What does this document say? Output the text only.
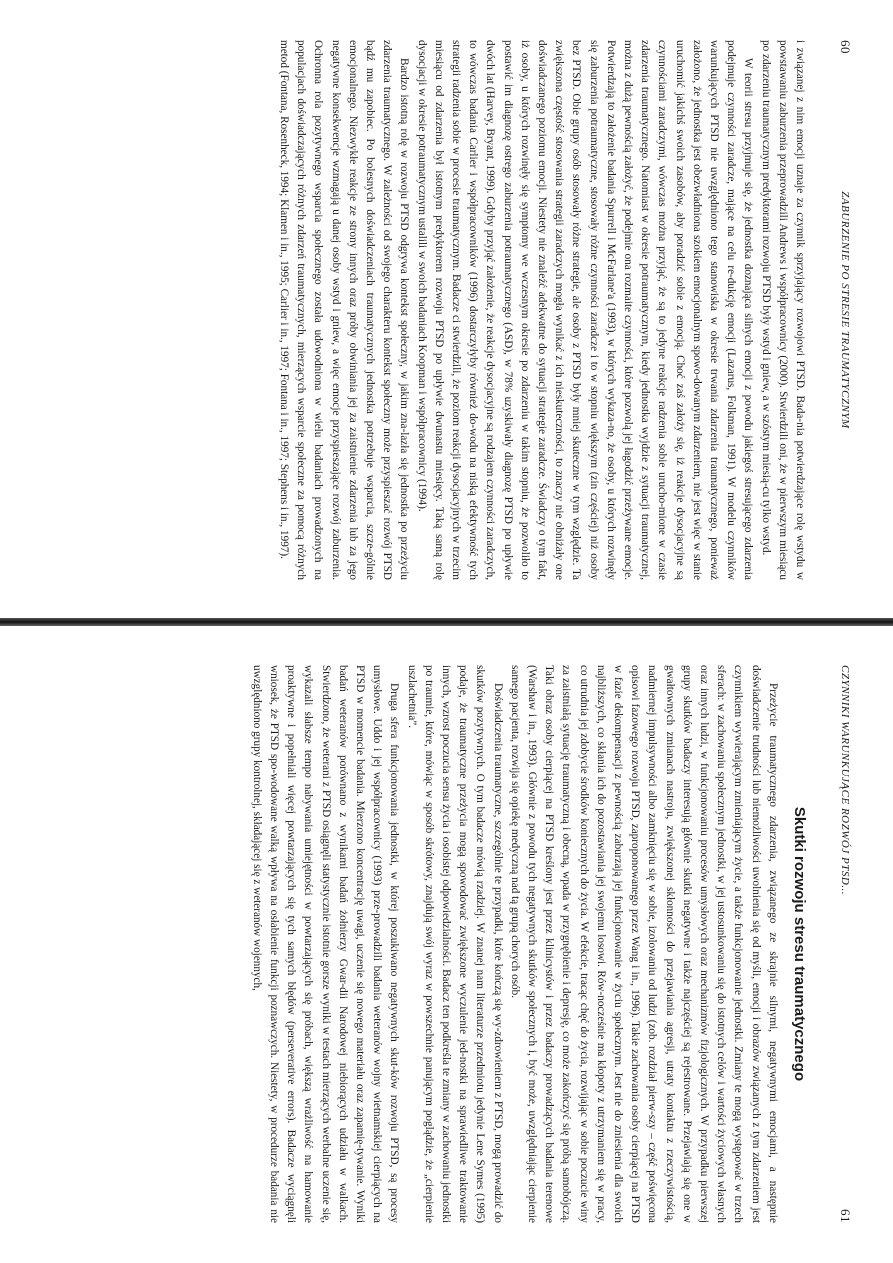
60
ZABURZENIE PO STRESIE TRAUMATYCZNYM

i związanej z nim emocji uznaje za czynnik sprzyjający rozwojowi PTSD. Bada-nia potwierdzające rolę wstydu w powstawaniu zaburzenia przeprowadzili Andrews i współpracownicy (2000). Stwierdzili oni, że w pierwszym miesiącu po zdarzeniu traumatycznym predyktorami rozwoju PTSD były wstyd i gniew, a w szóstym miesią-cu tylko wstyd.

W teorii stresu przyjmuje się, że jednostka doznająca silnych emocji z powodu jakiegoś stresującego zdarzenia podejmuje czynności zaradcze, mające na celu re-dukcję emocji (Lazarus, Folkman, 1991). W modelu czynników warunkujących PTSD nie uwzględniono tego stanowiska w okresie trwania zdarzenia traumatycznego, ponieważ założono, że jednostka jest obezwładniona szokiem emocjonalnym spowo-dowanym zdarzeniem, nie jest więc w stanie uruchomić jakichś swoich zasobów, aby poradzić sobie z emocją. Choć zaś założy się, iż reakcje dysocjacyjne są czynnościami zaradczymi, wówczas można przyjąć, że są to jedyne reakcje radzenia sobie urucho-mione w czasie zdarzenia traumatycznego. Natomiast w okresie potraumatycznym, kiedy jednostka wyjdzie z sytuacji traumatycznej, można z dużą pewnością założyć, że podejmie ona rozmaite czynności, które pozwolą jej łagodzić przeżywane emocje. Potwierdzają to założenie badania Spurrell i McFarlane'a (1993), w których wykaza-no, że osoby, u których rozwinęły się zaburzenia potraumatyczne, stosowały różne czynności zaradcze i to w stopniu większym (zin częściej) niż osoby bez PTSD. Obie grupy osób stosowały różne strategie, ale osoby z PTSD były mniej skuteczne w tym względzie. Ta zwiększona częstość stosowania strategii zaradczych mogła wynikać z ich nieskuteczności, to znaczy nie obniżały one doświadczanego poziomu emocji. Niestety nie znaleźć adekwatne do sytuacji strategie zaradcze. Świadczy o tym fakt, iż osoby, u których rozwinęły się symptomy we wczesnym okresie po zdarzeniu w takim stopniu, że pozwoliło to postawić im diagnozę ostrego zaburzenia potraumatycznego (ASD), w 78% uzyskiwały diagnozę PTSD po upływie dwóch lat (Harvey, Bryant, 1999). Gdyby przyjąć założenie, że reakcje dysocjacyjne są rodzajem czynności zaradczych, to wówczas badania Carlier i współpracowników (1996) dostarczyłyby również do-wodu na niską efektywność tych strategii radzenia sobie w procesie traumatycznym. Badacze ci stwierdzili, że poziom reakcji dysocjacyjnych w trzecim miesiącu od zdarzenia był istotnym predyktorem rozwoju PTSD po upływie dwunastu miesięcy. Taką samą rolę dysocjacji w okresie potraumatycznym ustalili w swoich badaniach Koopman i współpracownicy (1994).

Bardzo istotną rolę w rozwoju PTSD odgrywa kontekst społeczny, w jakim zna-lazła się jednostka po przeżyciu zdarzenia traumatycznego. W zależności od swojego charakteru kontekst społeczny może przyspieszać rozwój PTSD bądź mu zapobiec. Po bolesnych doświadczeniach traumatycznych jednostka potrzebuje wsparcia, szcze-gólnie emocjonalnego. Niezwykłe reakcje ze strony innych oraz próby obwiniania jej za zaistnienie zdarzenia lub za jego negatywne konsekwencje wzmagają u danej osoby wstyd i gniew, a więc emocje przyspieszające rozwój zaburzenia. Ochronna rola pozytywnego wsparcia społecznego została udowodniona w wielu badaniach prowadzonych na populacjach doświadczających różnych zdarzeń traumatycznych, mierzących wsparcie społeczne za pomocą różnych metod (Fontana, Rosenheck, 1994; Klamen i in., 1995; Carlier i in., 1997; Fontana i in., 1997; Stephens i in., 1997).

CZYNNIKI WARUNKUJĄCE ROZWÓJ PTSD...
61
Skutki rozwoju stresu traumatycznego

Przeżycie traumatycznego zdarzenia, związanego ze skrajnie silnymi, negatywnymi emocjami, a następnie doświadczenie trudności lub niemożliwości uwolnienia się od myśli, emocji i obrazów związanych z tym zdarzeniem jest czynnikiem wywierającym zmieniającym życie, a także funkcjonowanie jednostki. Zmiany te mogą występować w trzech sferach: w zachowaniu społecznym jednostki, w jej ustosunkowaniu się do istotnych celów i wartości życiowych własnych oraz innych ludzi, w funkcjonowaniu procesów umysłowych oraz mechanizmów fizjologicznych. W przypadku pierwszej grupy skutków badaczy interesują głównie skutki negatywne i także najczęściej są rejestrowane. Przejawiają się one w gwałtownych zmianach nastroju, zwiększonej skłonności do przejawiania agresji, utraty kontaktu z rzeczywistością, nadmiernej impulsywności albo zamknięciu się w sobie, izolowaniu od ludzi (zob. rozdział pierw-szy – część poświęcona opisowi fazowego rozwoju PTSD, zaproponowanego przez Wang i in., 1996). Takie zachowania osoby cierpiącej na PTSD w fazie dekompensacji z pewnością zaburzają jej funkcjonowanie w życiu społecznym. Jest nie do zniesienia dla swoich najbliższych, co skłania ich do pozostawiania jej swojemu losowi. Rów-nocześnie ma kłopoty z utrzymaniem się w pracy, co utrudnia jej zdobycie środków koniecznych do życia. W efekcie, tracąc chęć do życia, rozwijając w sobie poczucie winy za zaistniałą sytuację traumatyczną i obecną, wpada w przygnębienie i depresję, co może zakończyć się próbą samobójczą. Taki obraz osoby cierpiącej na PTSD kreślony jest przez klinicystów i przez badaczy prowadzących badania terenowe (Warshaw i in., 1993). Głównie z powodu tych negatywnych skutków społecznych i, być może, uwzględniając cierpienie samego pacjenta, rozwija się opiekę medyczną nad tą grupą chorych osób.

Doświadczenia traumatyczne, szczególnie te przypadki, które kończą się wy-zdrowieniem z PTSD, mogą prowadzić do skutków pozytywnych. O tym badacze mówią rzadziej. W znanej nam literaturze przedmiotu jedynie Lene Symes (1995) podaje, że traumatyczne przeżycia mogą spowodować zwiększone wyczulenie jed-nostki na sprawiedliwe traktowanie innych, wzrost poczucia sensu życia i osobistej odpowiedzialności. Badacz ten podkreśla te zmiany w zachowaniu jednostki po traumie, które, mówiąc w sposób skrótowy, znajdują swój wyraz w powszechnie panującym poglądzie, że „cierpienie uszlachetnia”.

Druga sfera funkcjonowania jednostki, w której poszukiwano negatywnych skut-ków rozwoju PTSD, są procesy umysłowe. Uddo i jej współpracownicy (1993) prze-prowadzili badania weteranów wojny wietnamskiej cierpiących na PTSD w momencie badania. Mierzono koncentrację uwagi, uczenie się nowego materiału oraz zapamię-tywanie. Wyniki badań weteranów porównano z wynikami badań żołnierzy Gwar-dii Narodowej niebiorących udziału w walkach. Stwierdzono, że weterani z PTSD osiągnęli statystycznie istotnie gorsze wyniki w testach mierzących werbalne uczenie się, wykazali słabsze tempo nabywania umiejętności w powtarzających się próbach, większą wrażliwość na hamowanie proaktywne i popełniali więcej powtarzających się tych samych błędów (perseverative errors). Badacze wyciągnęli wniosek, że PTSD spo-wodowane walką wpływa na osłabienie funkcji poznawczych. Niestety, w procedurze badania nie uwzględniono grupy kontrolnej, składającej się z weteranów wojennych,
